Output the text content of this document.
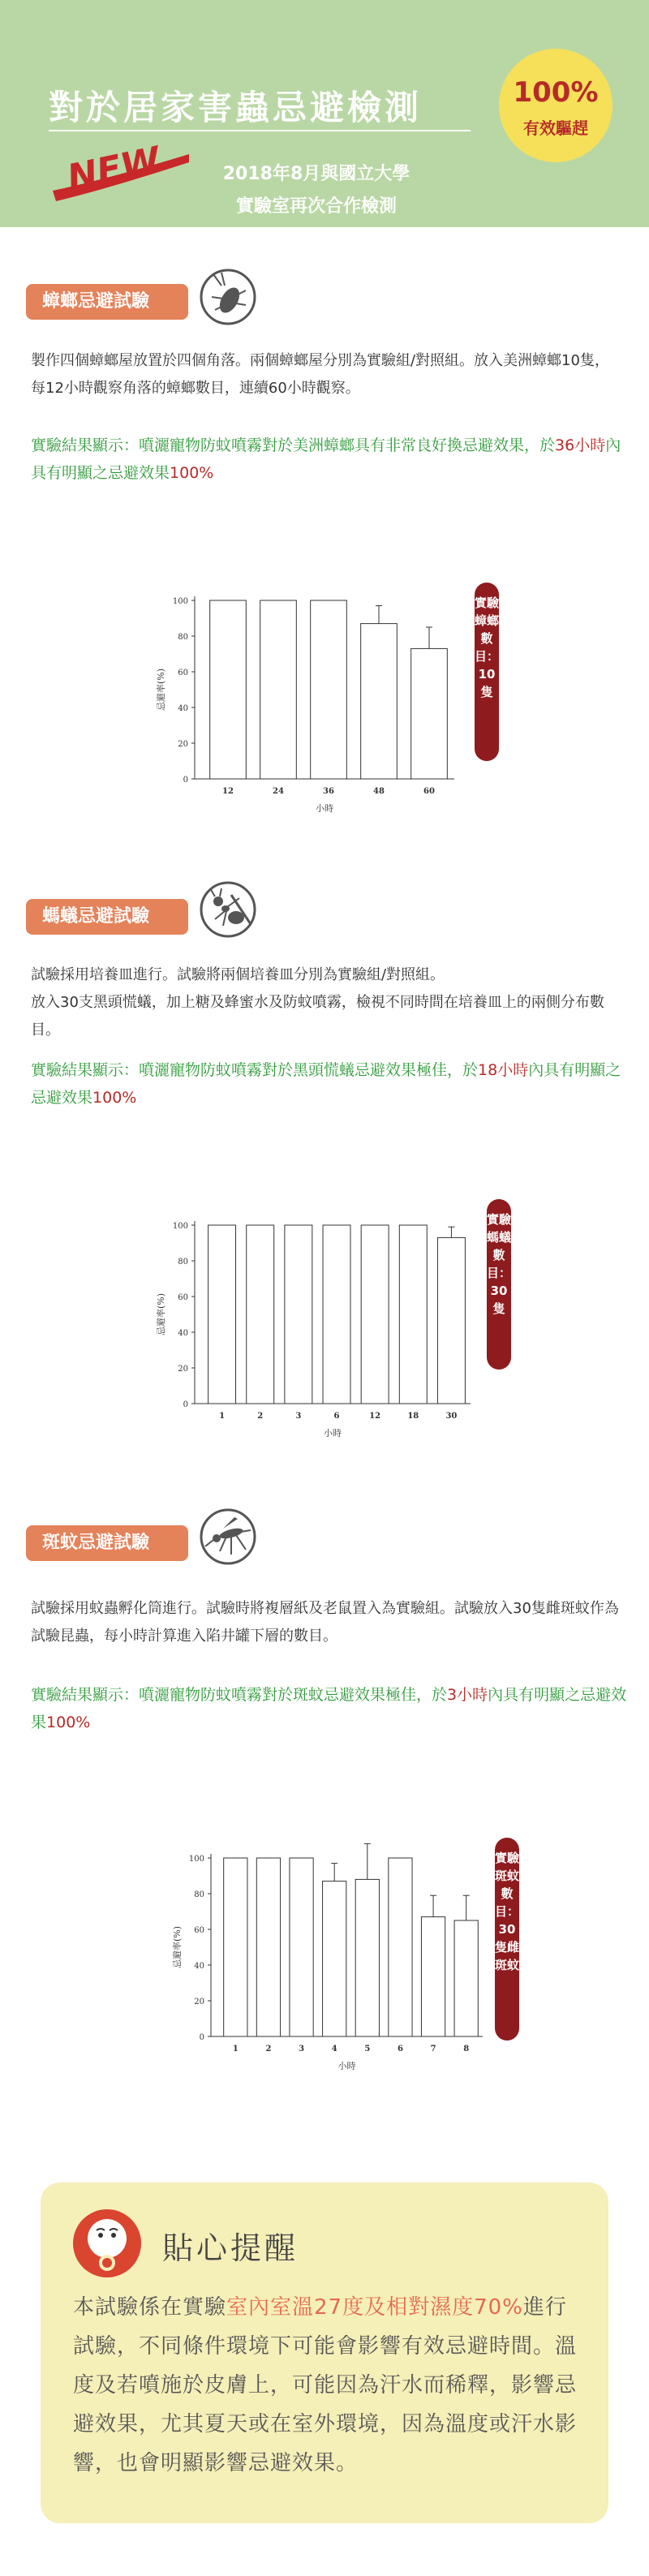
對於居家害蟲忌避檢測
NEW	2018年8月與國立大學
實驗室再次合作檢測
100%
有效驅趕
蟑螂忌避試驗
製作四個蟑螂屋放置於四個角落。兩個蟑螂屋分別為實驗組/對照組。放入美洲蟑螂10隻，每12小時觀察角落的蟑螂數目，連續60小時觀察。
實驗結果顯示：噴灑寵物防蚊噴霧對於美洲蟑螂具有非常良好換忌避效果，於36小時內具有明顯之忌避效果100%
0
20
40
60
80
100
12	24	36	48	60
小時
忌避率(%)
實驗蟑螂數目：10隻
螞蟻忌避試驗
試驗採用培養皿進行。試驗將兩個培養皿分別為實驗組/對照組。
放入30支黑頭慌蟻，加上糖及蜂蜜水及防蚊噴霧，檢視不同時間在培養皿上的兩側分布數目。
實驗結果顯示：噴灑寵物防蚊噴霧對於黑頭慌蟻忌避效果極佳，於18小時內具有明顯之忌避效果100%
0
20
40
60
80
100
1	2	3	6	12	18	30
小時
忌避率(%)
實驗螞蟻數目：30隻
斑蚊忌避試驗
試驗採用蚊蟲孵化筒進行。試驗時將複層紙及老鼠置入為實驗組。試驗放入30隻雌斑蚊作為試驗昆蟲，每小時計算進入陷井罐下層的數目。
實驗結果顯示：噴灑寵物防蚊噴霧對於斑蚊忌避效果極佳，於3小時內具有明顯之忌避效果100%
0
20
40
60
80
100
1	2	3	4	5	6	7	8
小時
忌避率(%)
實驗斑蚊數目：30隻雌斑蚊
貼心提醒
本試驗係在實驗室內室溫27度及相對濕度70%進行試驗，不同條件環境下可能會影響有效忌避時間。溫度及若噴施於皮膚上，可能因為汗水而稀釋，影響忌避效果，尤其夏天或在室外環境，因為溫度或汗水影響，也會明顯影響忌避效果。
